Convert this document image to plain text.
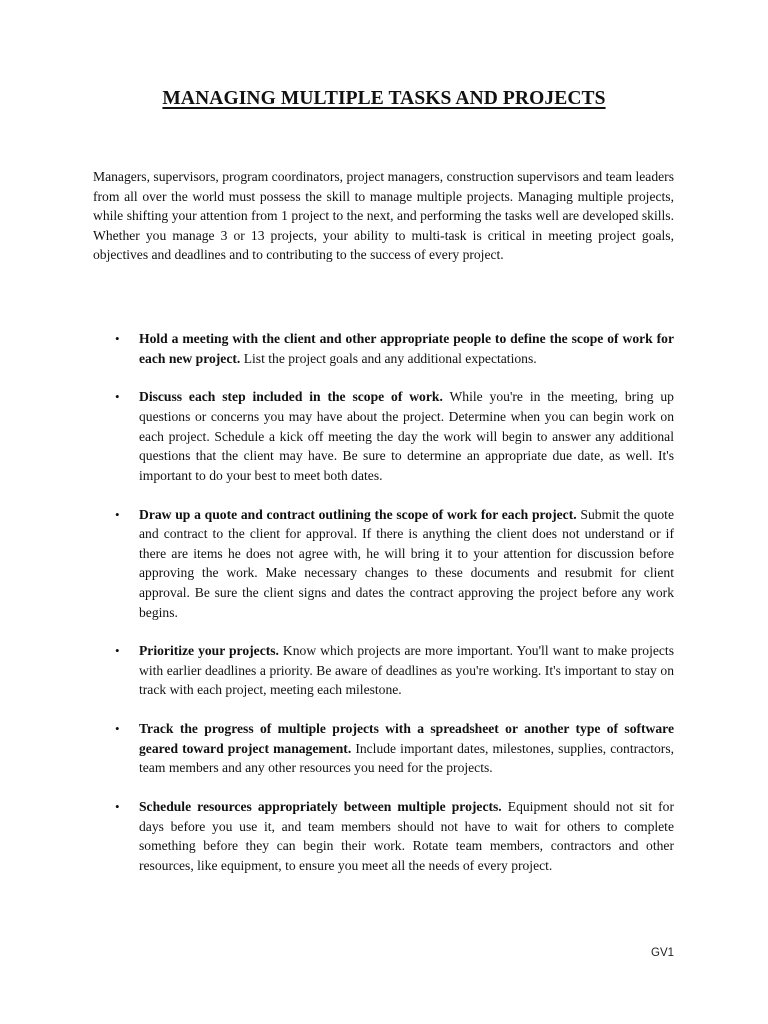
MANAGING MULTIPLE TASKS AND PROJECTS

Managers, supervisors, program coordinators, project managers, construction supervisors and team leaders from all over the world must possess the skill to manage multiple projects. Managing multiple projects, while shifting your attention from 1 project to the next, and performing the tasks well are developed skills. Whether you manage 3 or 13 projects, your ability to multi-task is critical in meeting project goals, objectives and deadlines and to contributing to the success of every project.

• Hold a meeting with the client and other appropriate people to define the scope of work for each new project. List the project goals and any additional expectations.
• Discuss each step included in the scope of work. While you're in the meeting, bring up questions or concerns you may have about the project. Determine when you can begin work on each project. Schedule a kick off meeting the day the work will begin to answer any additional questions that the client may have. Be sure to determine an appropriate due date, as well. It's important to do your best to meet both dates.
• Draw up a quote and contract outlining the scope of work for each project. Submit the quote and contract to the client for approval. If there is anything the client does not understand or if there are items he does not agree with, he will bring it to your attention for discussion before approving the work. Make necessary changes to these documents and resubmit for client approval. Be sure the client signs and dates the contract approving the project before any work begins.
• Prioritize your projects. Know which projects are more important. You'll want to make projects with earlier deadlines a priority. Be aware of deadlines as you're working. It's important to stay on track with each project, meeting each milestone.
• Track the progress of multiple projects with a spreadsheet or another type of software geared toward project management. Include important dates, milestones, supplies, contractors, team members and any other resources you need for the projects.
• Schedule resources appropriately between multiple projects. Equipment should not sit for days before you use it, and team members should not have to wait for others to complete something before they can begin their work. Rotate team members, contractors and other resources, like equipment, to ensure you meet all the needs of every project.
GV1
